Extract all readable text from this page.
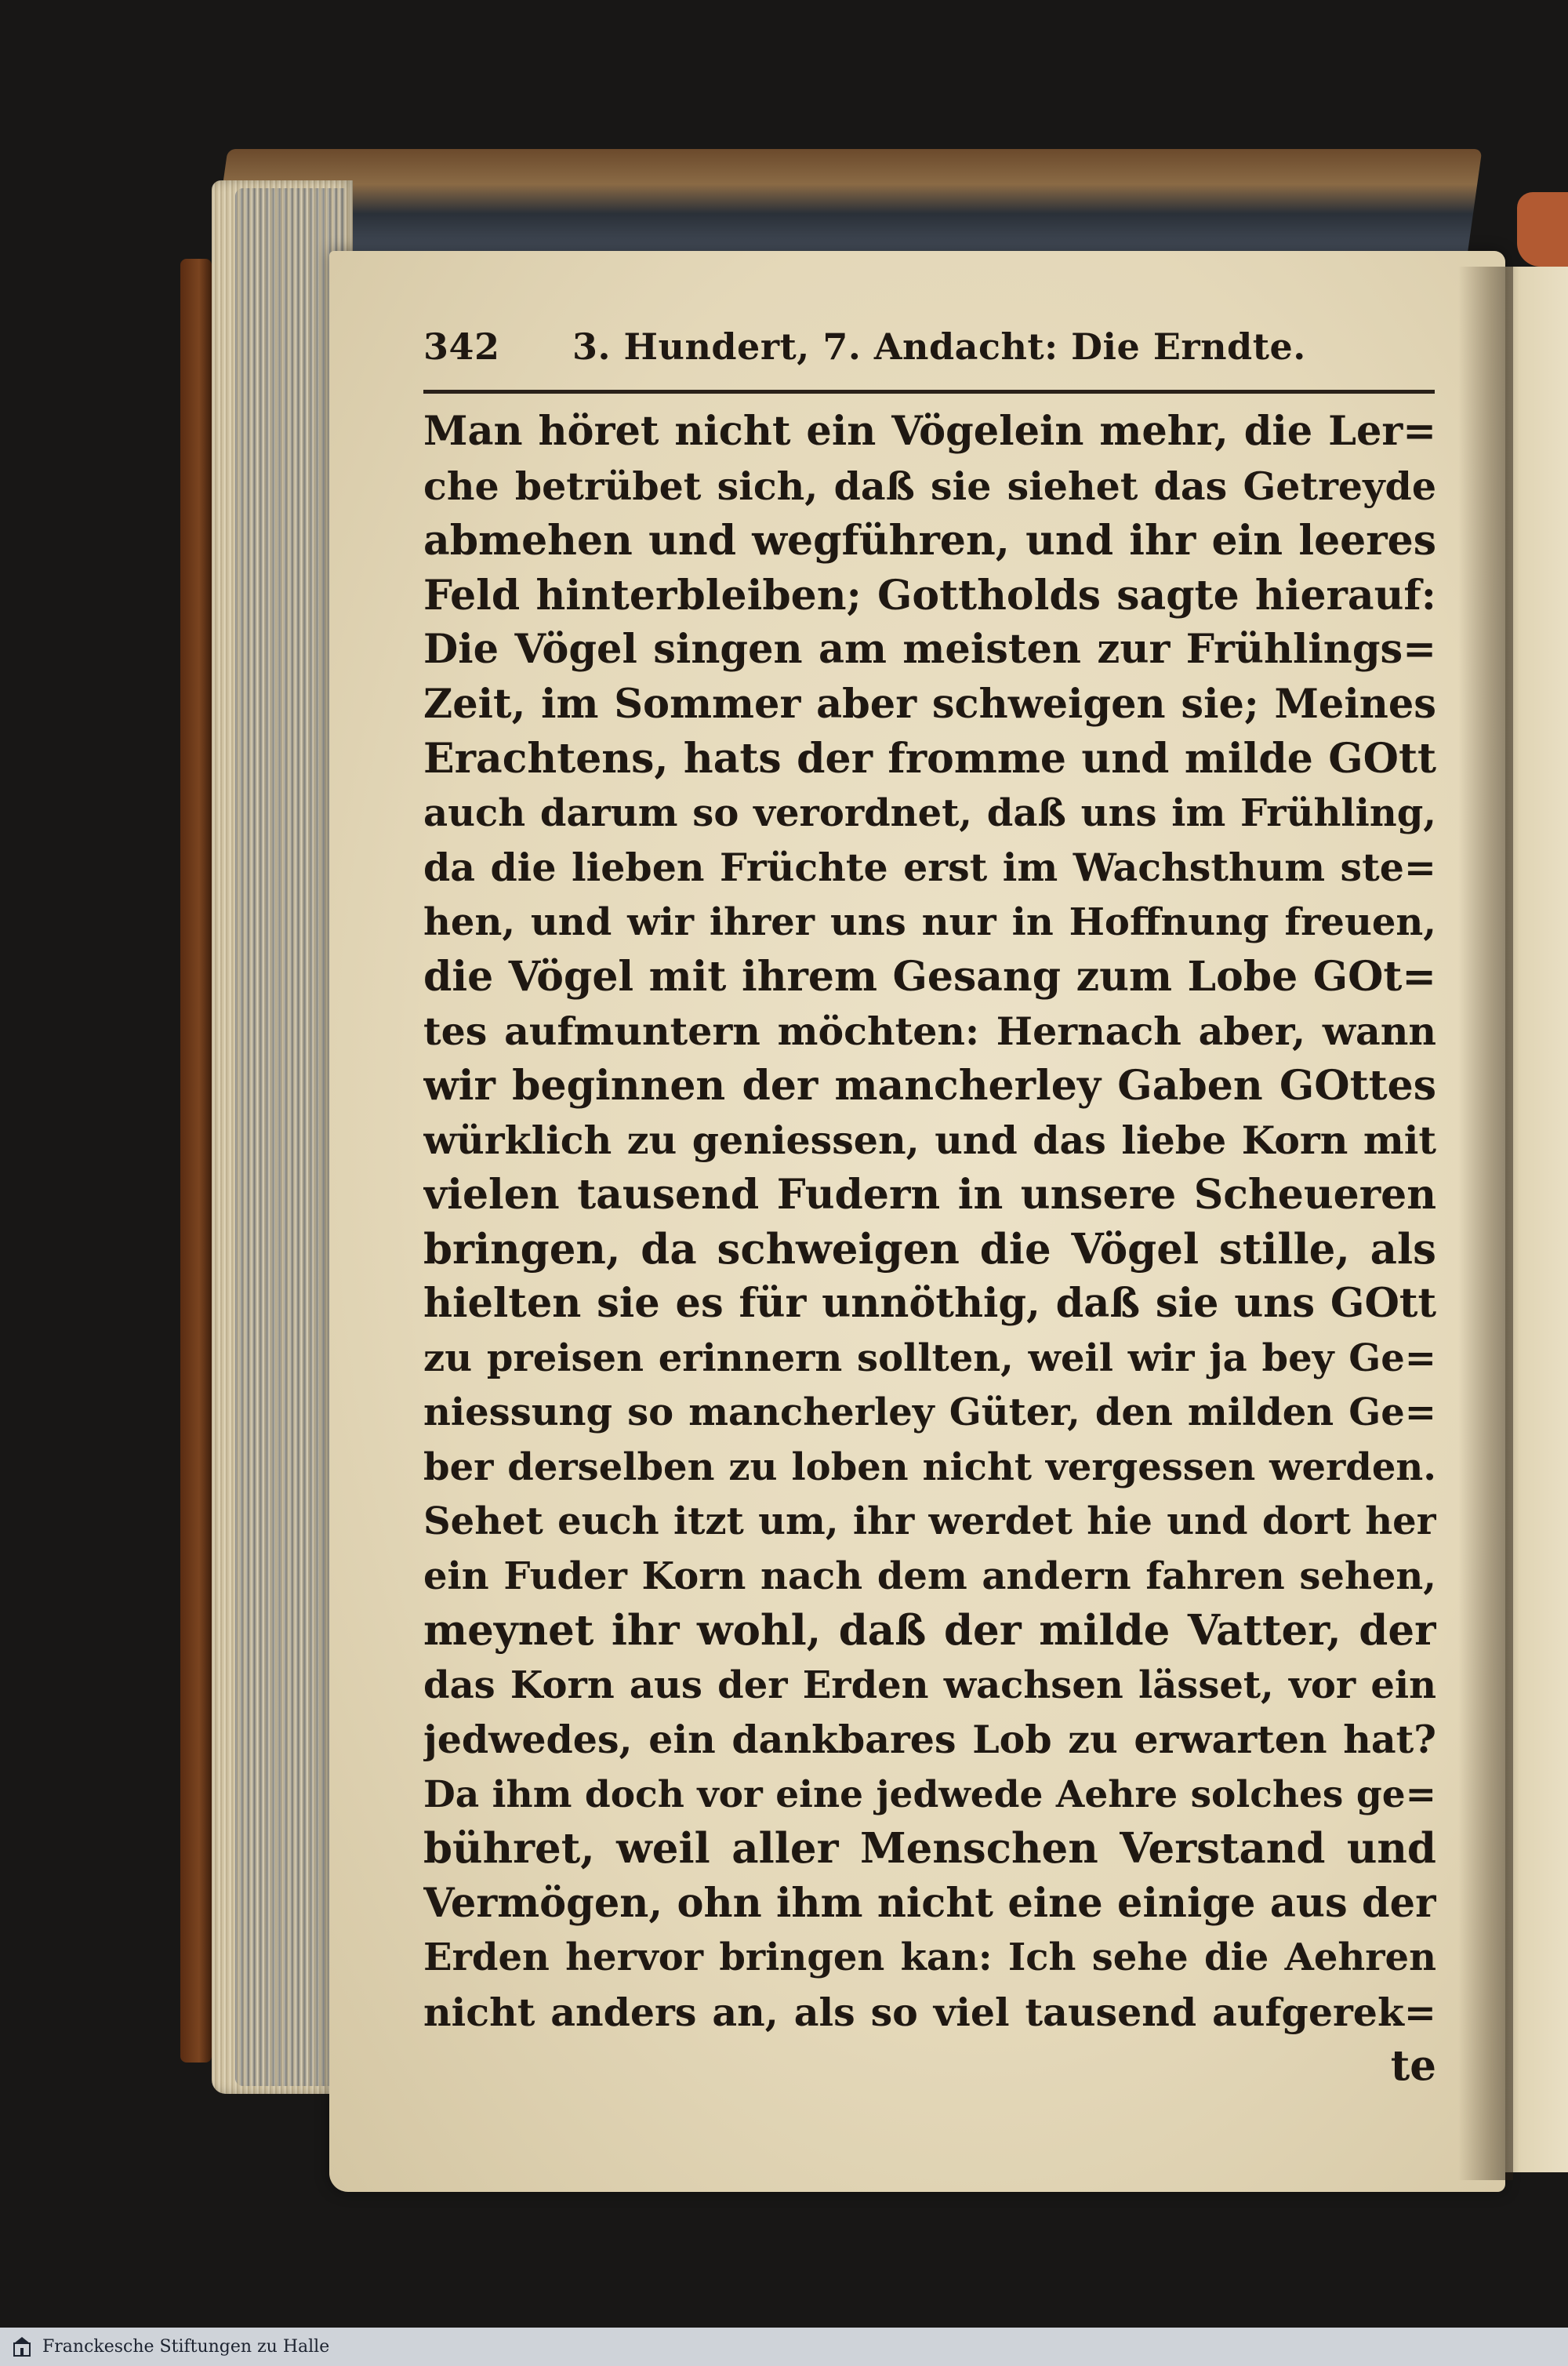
342	3. Hundert, 7. Andacht: Die Erndte.
Man höret nicht ein Vögelein mehr, die Ler=
che betrübet sich, daß sie siehet das Getreyde
abmehen und wegführen, und ihr ein leeres
Feld hinterbleiben; Gottholds sagte hierauf:
Die Vögel singen am meisten zur Frühlings=
Zeit, im Sommer aber schweigen sie; Meines
Erachtens, hats der fromme und milde GOtt
auch darum so verordnet, daß uns im Frühling,
da die lieben Früchte erst im Wachsthum ste=
hen, und wir ihrer uns nur in Hoffnung freuen,
die Vögel mit ihrem Gesang zum Lobe GOt=
tes aufmuntern möchten: Hernach aber, wann
wir beginnen der mancherley Gaben GOttes
würklich zu geniessen, und das liebe Korn mit
vielen tausend Fudern in unsere Scheueren
bringen, da schweigen die Vögel stille, als
hielten sie es für unnöthig, daß sie uns GOtt
zu preisen erinnern sollten, weil wir ja bey Ge=
niessung so mancherley Güter, den milden Ge=
ber derselben zu loben nicht vergessen werden.
Sehet euch itzt um, ihr werdet hie und dort her
ein Fuder Korn nach dem andern fahren sehen,
meynet ihr wohl, daß der milde Vatter, der
das Korn aus der Erden wachsen lässet, vor ein
jedwedes, ein dankbares Lob zu erwarten hat?
Da ihm doch vor eine jedwede Aehre solches ge=
bühret, weil aller Menschen Verstand und
Vermögen, ohn ihm nicht eine einige aus der
Erden hervor bringen kan: Ich sehe die Aehren
nicht anders an, als so viel tausend aufgerek=
te
Franckesche Stiftungen zu Halle
